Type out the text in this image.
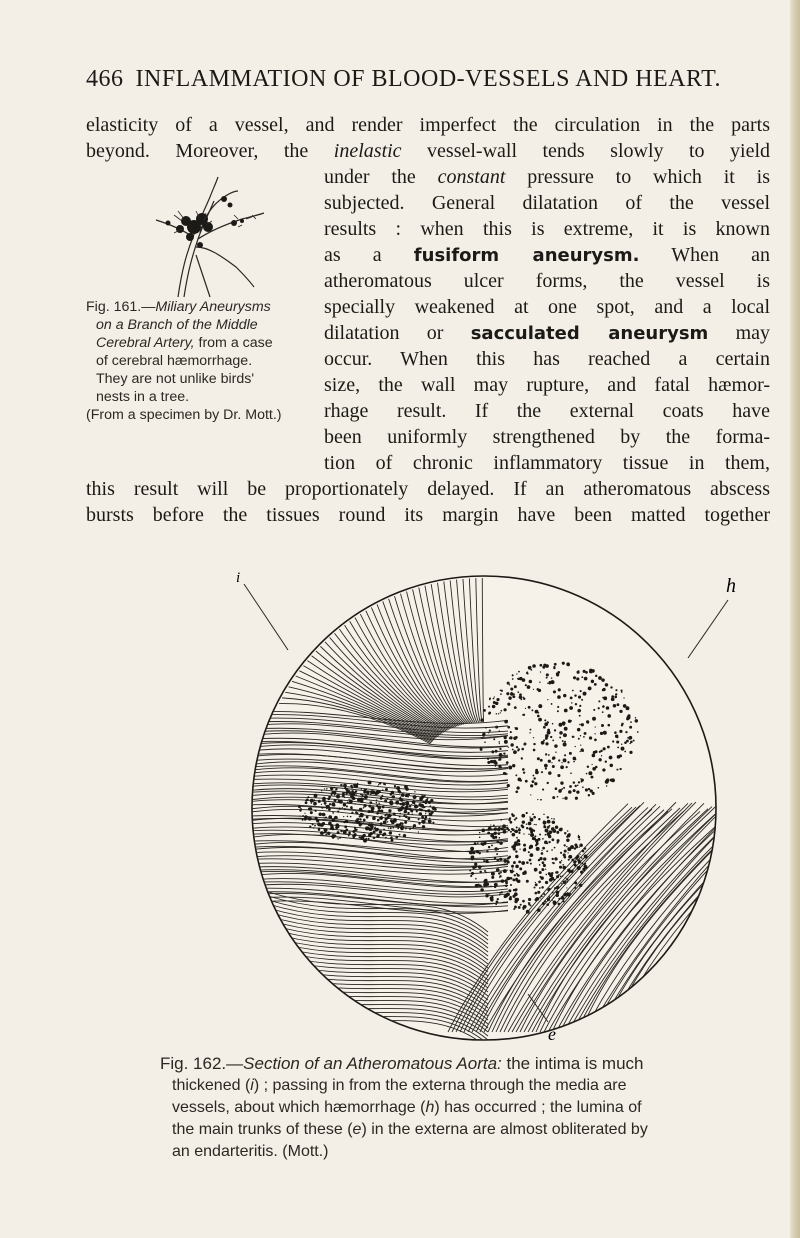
466 INFLAMMATION OF BLOOD-VESSELS AND HEART.
elasticity of a vessel, and render imperfect the circulation in the parts
beyond. Moreover, the inelastic vessel-wall tends slowly to yield
under the constant pressure to which it is
subjected. General dilatation of the vessel
results : when this is extreme, it is known
as a fusiform aneurysm. When an
atheromatous ulcer forms, the vessel is
specially weakened at one spot, and a local
dilatation or sacculated aneurysm may
occur. When this has reached a certain
size, the wall may rupture, and fatal hæmor-
rhage result. If the external coats have
been uniformly strengthened by the forma-
tion of chronic inflammatory tissue in them,
this result will be proportionately delayed. If an atheromatous abscess
bursts before the tissues round its margin have been matted together
Fig. 161.—Miliary Aneurysms
on a Branch of the Middle
Cerebral Artery, from a case
of cerebral hæmorrhage.
They are not unlike birds'
nests in a tree.
(From a specimen by Dr. Mott.)
i	h
e
Fig. 162.—Section of an Atheromatous Aorta: the intima is much
thickened (i) ; passing in from the externa through the media are
vessels, about which hæmorrhage (h) has occurred ; the lumina of
the main trunks of these (e) in the externa are almost obliterated by
an endarteritis. (Mott.)
